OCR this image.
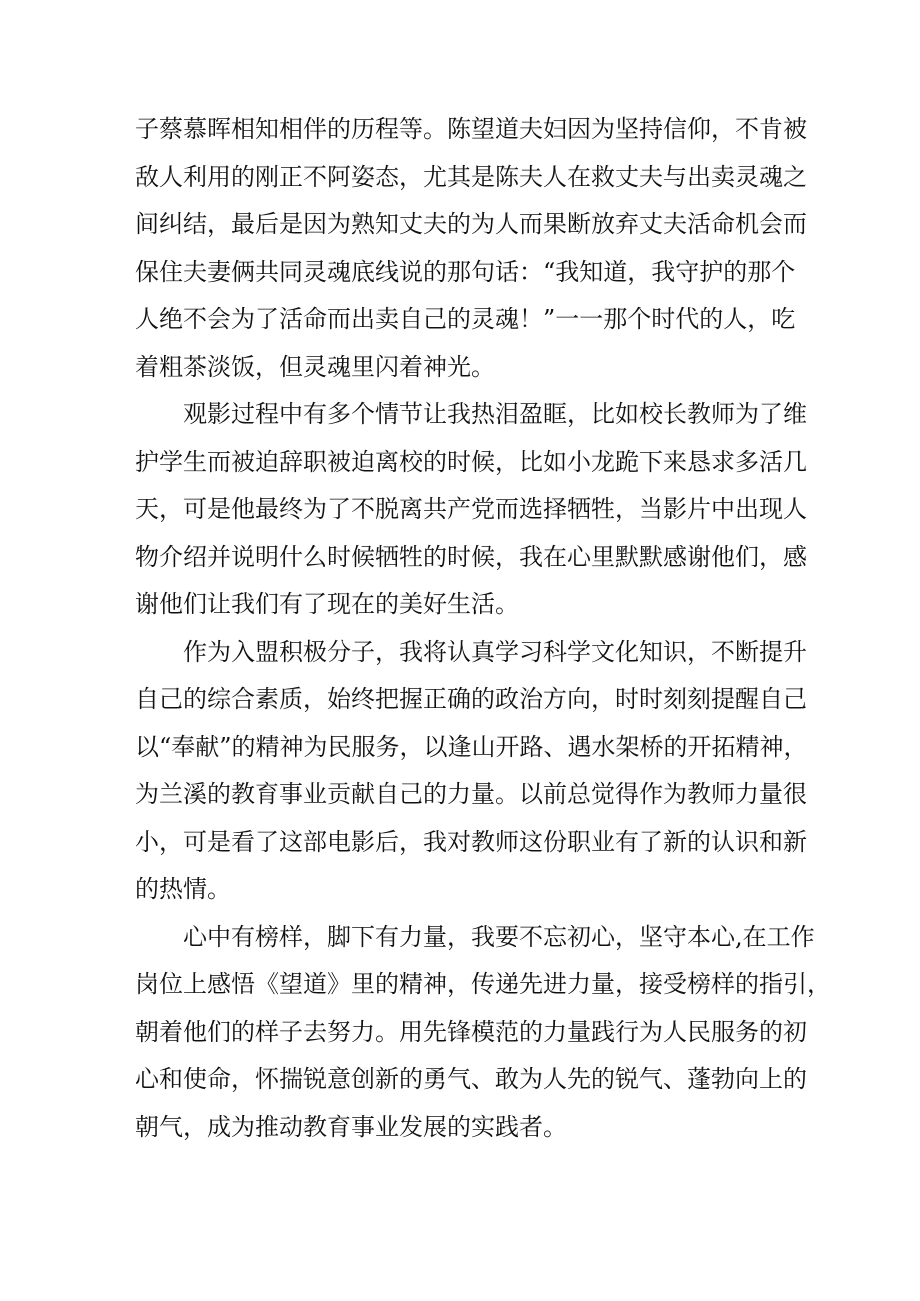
子蔡慕晖相知相伴的历程等。陈望道夫妇因为坚持信仰，不肯被
敌人利用的刚正不阿姿态，尤其是陈夫人在救丈夫与出卖灵魂之
间纠结，最后是因为熟知丈夫的为人而果断放弃丈夫活命机会而
保住夫妻俩共同灵魂底线说的那句话：“我知道，我守护的那个
人绝不会为了活命而出卖自己的灵魂！”一一那个时代的人，吃
着粗茶淡饭，但灵魂里闪着神光。
观影过程中有多个情节让我热泪盈眶，比如校长教师为了维
护学生而被迫辞职被迫离校的时候，比如小龙跪下来恳求多活几
天，可是他最终为了不脱离共产党而选择牺牲，当影片中出现人
物介绍并说明什么时候牺牲的时候，我在心里默默感谢他们，感
谢他们让我们有了现在的美好生活。
作为入盟积极分子，我将认真学习科学文化知识，不断提升
自己的综合素质，始终把握正确的政治方向，时时刻刻提醒自己
以“奉献”的精神为民服务，以逢山开路、遇水架桥的开拓精神，
为兰溪的教育事业贡献自己的力量。以前总觉得作为教师力量很
小，可是看了这部电影后，我对教师这份职业有了新的认识和新
的热情。
心中有榜样，脚下有力量，我要不忘初心，坚守本心,在工作
岗位上感悟《望道》里的精神，传递先进力量，接受榜样的指引，
朝着他们的样子去努力。用先锋模范的力量践行为人民服务的初
心和使命，怀揣锐意创新的勇气、敢为人先的锐气、蓬勃向上的
朝气，成为推动教育事业发展的实践者。
